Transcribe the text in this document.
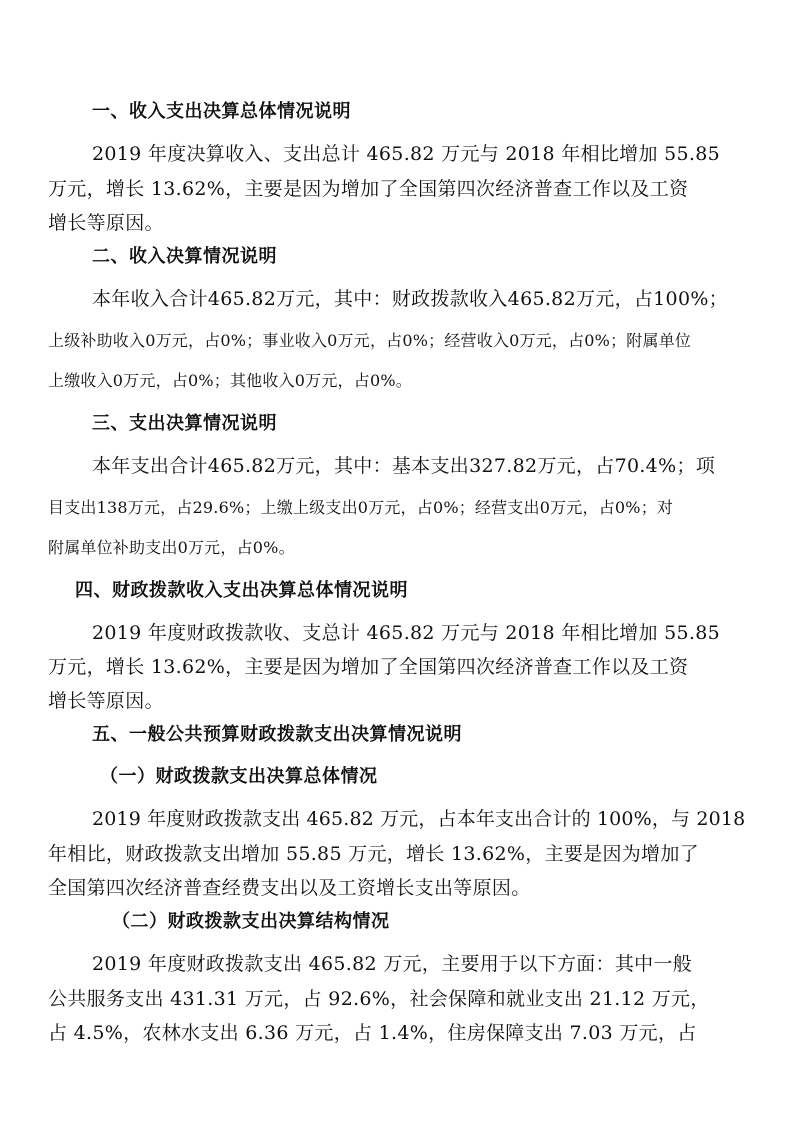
一、收入支出决算总体情况说明
2019 年度决算收入、支出总计 465.82 万元与 2018 年相比增加 55.85
万元，增长 13.62%，主要是因为增加了全国第四次经济普查工作以及工资
增长等原因。
二、收入决算情况说明
本年收入合计465.82万元，其中：财政拨款收入465.82万元，占100%；
上级补助收入0万元，占0%；事业收入0万元，占0%；经营收入0万元，占0%；附属单位
上缴收入0万元，占0%；其他收入0万元，占0%。
三、支出决算情况说明
本年支出合计465.82万元，其中：基本支出327.82万元，占70.4%；项
目支出138万元，占29.6%；上缴上级支出0万元，占0%；经营支出0万元，占0%；对
附属单位补助支出0万元，占0%。
四、财政拨款收入支出决算总体情况说明
2019 年度财政拨款收、支总计 465.82 万元与 2018 年相比增加 55.85
万元，增长 13.62%，主要是因为增加了全国第四次经济普查工作以及工资
增长等原因。
五、一般公共预算财政拨款支出决算情况说明
（一）财政拨款支出决算总体情况
2019 年度财政拨款支出 465.82 万元，占本年支出合计的 100%，与 2018
年相比，财政拨款支出增加 55.85 万元，增长 13.62%，主要是因为增加了
全国第四次经济普查经费支出以及工资增长支出等原因。
（二）财政拨款支出决算结构情况
2019 年度财政拨款支出 465.82 万元，主要用于以下方面：其中一般
公共服务支出 431.31 万元，占 92.6%，社会保障和就业支出 21.12 万元，
占 4.5%，农林水支出 6.36 万元，占 1.4%，住房保障支出 7.03 万元，占
